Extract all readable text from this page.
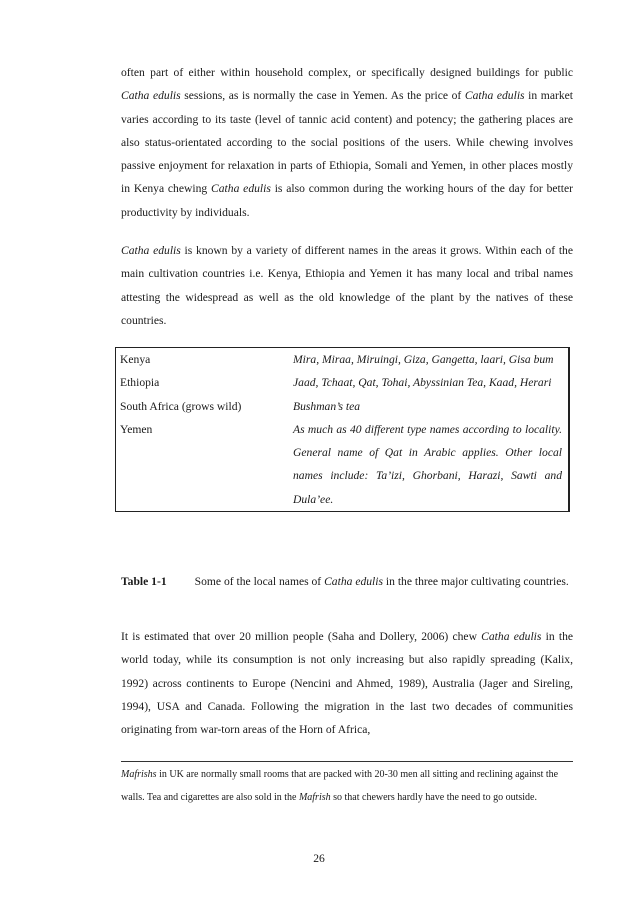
often part of either within household complex, or specifically designed buildings for public Catha edulis sessions, as is normally the case in Yemen. As the price of Catha edulis in market varies according to its taste (level of tannic acid content) and potency; the gathering places are also status-orientated according to the social positions of the users. While chewing involves passive enjoyment for relaxation in parts of Ethiopia, Somali and Yemen, in other places mostly in Kenya chewing Catha edulis is also common during the working hours of the day for better productivity by individuals.

Catha edulis is known by a variety of different names in the areas it grows. Within each of the main cultivation countries i.e. Kenya, Ethiopia and Yemen it has many local and tribal names attesting the widespread as well as the old knowledge of the plant by the natives of these countries.

Kenya	Mira, Miraa, Miruingi, Giza, Gangetta, laari, Gisa bum
Ethiopia	Jaad, Tchaat, Qat, Tohai, Abyssinian Tea, Kaad, Herari
South Africa (grows wild)	Bushman’s tea
Yemen	As much as 40 different type names according to locality. General name of Qat in Arabic applies. Other local names include: Ta’izi, Ghorbani, Harazi, Sawti and Dula’ee.

Table 1-1 Some of the local names of Catha edulis in the three major cultivating countries.

It is estimated that over 20 million people (Saha and Dollery, 2006) chew Catha edulis in the world today, while its consumption is not only increasing but also rapidly spreading (Kalix, 1992) across continents to Europe (Nencini and Ahmed, 1989), Australia (Jager and Sireling, 1994), USA and Canada. Following the migration in the last two decades of communities originating from war-torn areas of the Horn of Africa,

Mafrishs in UK are normally small rooms that are packed with 20-30 men all sitting and reclining against the walls. Tea and cigarettes are also sold in the Mafrish so that chewers hardly have the need to go outside.

26
